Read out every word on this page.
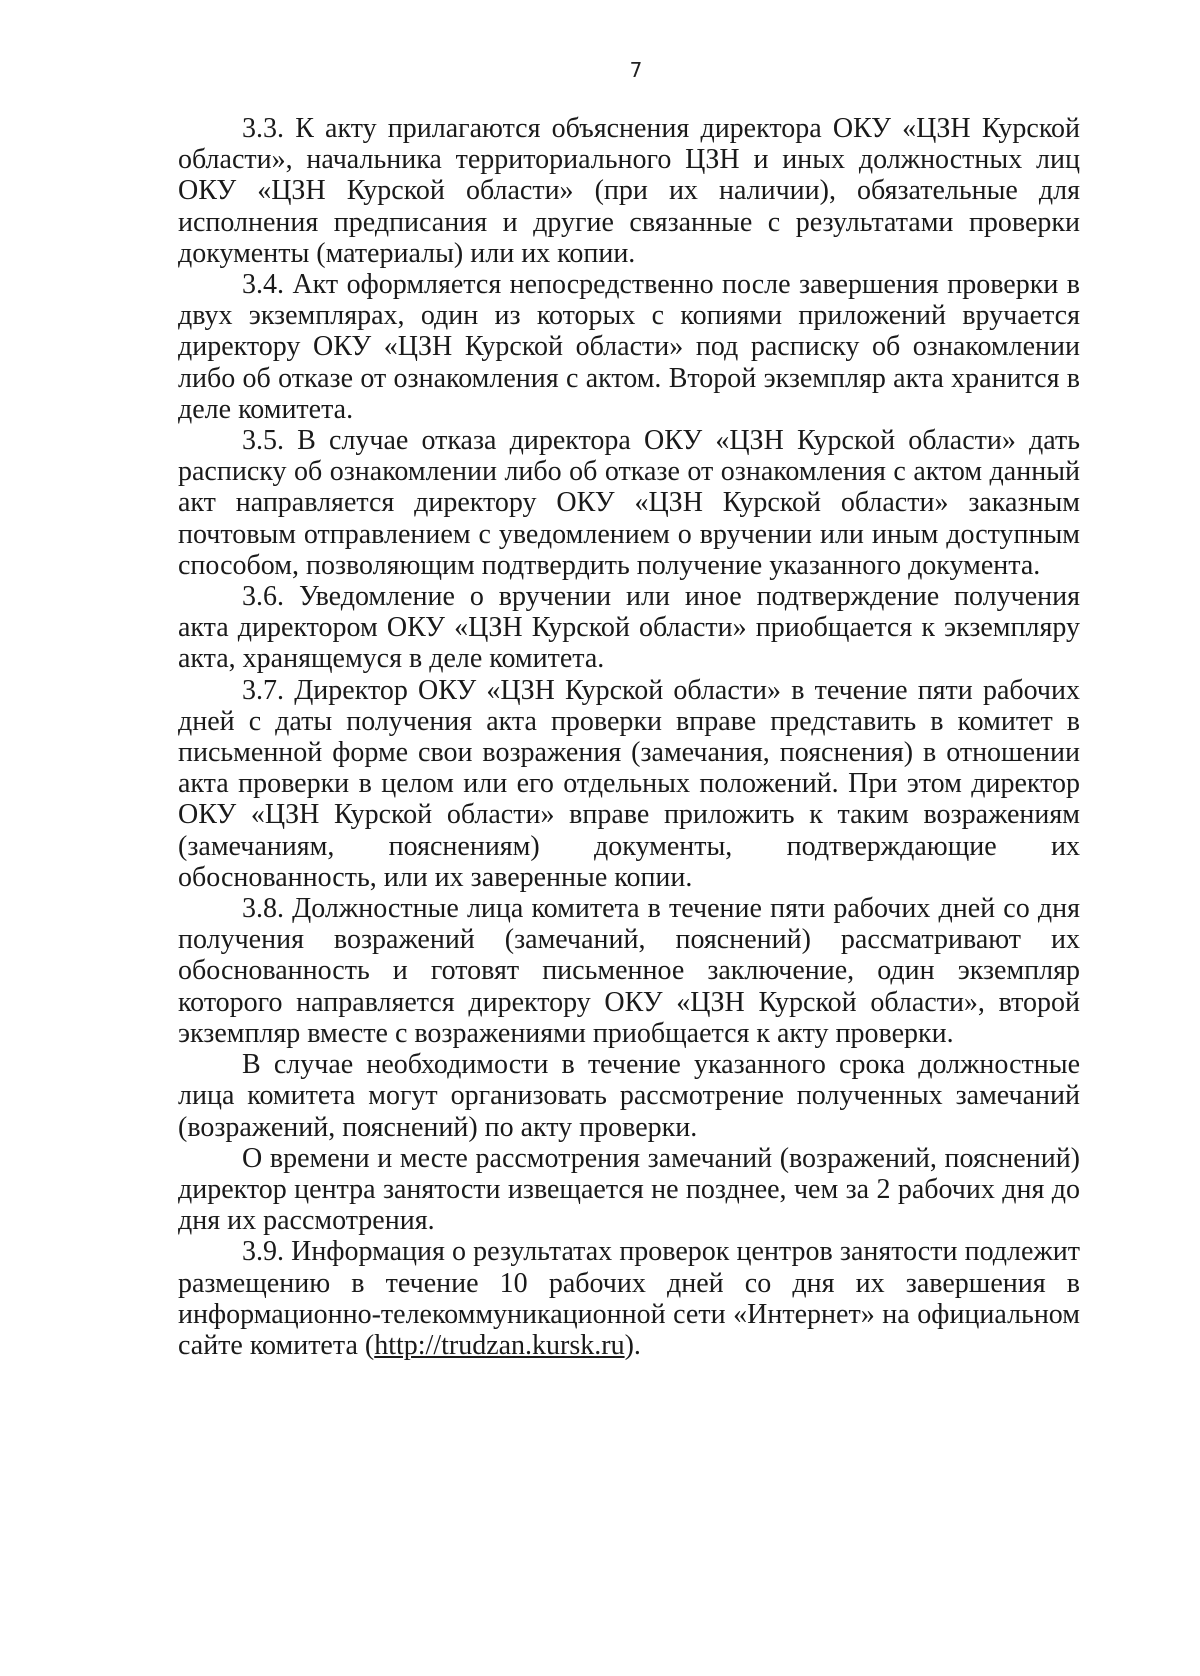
7

3.3. К акту прилагаются объяснения директора ОКУ «ЦЗН Курской области», начальника территориального ЦЗН и иных должностных лиц ОКУ «ЦЗН Курской области» (при их наличии), обязательные для исполнения предписания и другие связанные с результатами проверки документы (материалы) или их копии.

3.4. Акт оформляется непосредственно после завершения проверки в двух экземплярах, один из которых с копиями приложений вручается директору ОКУ «ЦЗН Курской области» под расписку об ознакомлении либо об отказе от ознакомления с актом. Второй экземпляр акта хранится в деле комитета.

3.5. В случае отказа директора ОКУ «ЦЗН Курской области» дать расписку об ознакомлении либо об отказе от ознакомления с актом данный акт направляется директору ОКУ «ЦЗН Курской области» заказным почтовым отправлением с уведомлением о вручении или иным доступным способом, позволяющим подтвердить получение указанного документа.

3.6. Уведомление о вручении или иное подтверждение получения акта директором ОКУ «ЦЗН Курской области» приобщается к экземпляру акта, хранящемуся в деле комитета.

3.7. Директор ОКУ «ЦЗН Курской области» в течение пяти рабочих дней с даты получения акта проверки вправе представить в комитет в письменной форме свои возражения (замечания, пояснения) в отношении акта проверки в целом или его отдельных положений. При этом директор ОКУ «ЦЗН Курской области» вправе приложить к таким возражениям (замечаниям, пояснениям) документы, подтверждающие их обоснованность, или их заверенные копии.

3.8. Должностные лица комитета в течение пяти рабочих дней со дня получения возражений (замечаний, пояснений) рассматривают их обоснованность и готовят письменное заключение, один экземпляр которого направляется директору ОКУ «ЦЗН Курской области», второй экземпляр вместе с возражениями приобщается к акту проверки.

В случае необходимости в течение указанного срока должностные лица комитета могут организовать рассмотрение полученных замечаний (возражений, пояснений) по акту проверки.

О времени и месте рассмотрения замечаний (возражений, пояснений) директор центра занятости извещается не позднее, чем за 2 рабочих дня до дня их рассмотрения.

3.9. Информация о результатах проверок центров занятости подлежит размещению в течение 10 рабочих дней со дня их завершения в информационно-телекоммуникационной сети «Интернет» на официальном сайте комитета (http://trudzan.kursk.ru).
